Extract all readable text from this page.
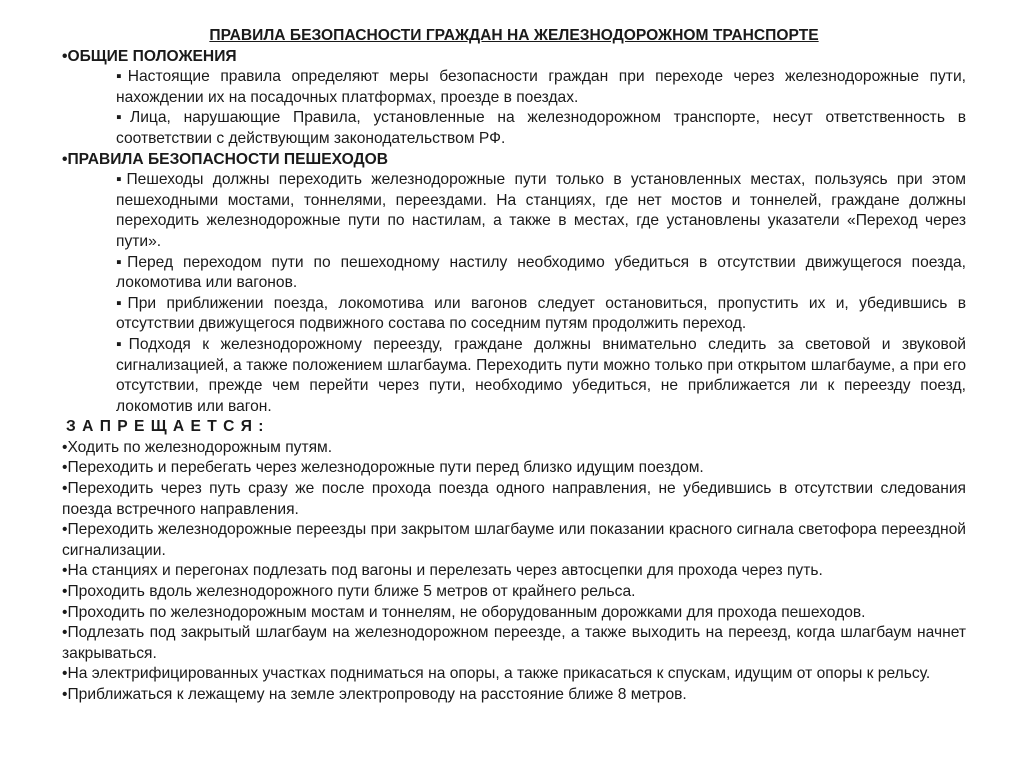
ПРАВИЛА БЕЗОПАСНОСТИ ГРАЖДАН НА ЖЕЛЕЗНОДОРОЖНОМ ТРАНСПОРТЕ
•ОБЩИЕ ПОЛОЖЕНИЯ
▪Настоящие правила определяют меры безопасности граждан при переходе через железнодорожные пути, нахождении их на посадочных платформах, проезде в поездах.
▪Лица, нарушающие Правила, установленные на железнодорожном транспорте, несут ответственность в соответствии с действующим законодательством РФ.
•ПРАВИЛА БЕЗОПАСНОСТИ ПЕШЕХОДОВ
▪Пешеходы должны переходить железнодорожные пути только в установленных местах, пользуясь при этом пешеходными мостами, тоннелями, переездами. На станциях, где нет мостов и тоннелей, граждане должны переходить железнодорожные пути по настилам, а также в местах, где установлены указатели «Переход через пути».
▪Перед переходом пути по пешеходному настилу необходимо убедиться в отсутствии движущегося поезда, локомотива или вагонов.
▪При приближении поезда, локомотива или вагонов следует остановиться, пропустить их и, убедившись в отсутствии движущегося подвижного состава по соседним путям продолжить переход.
▪Подходя к железнодорожному переезду, граждане должны внимательно следить за световой и звуковой сигнализацией, а также положением шлагбаума. Переходить пути можно только при открытом шлагбауме, а при его отсутствии, прежде чем перейти через пути, необходимо убедиться, не приближается ли к переезду поезд, локомотив или вагон.
З А П Р Е Щ А Е Т С Я :
•Ходить по железнодорожным путям.
•Переходить и перебегать через железнодорожные пути перед близко идущим поездом.
•Переходить через путь сразу же после прохода поезда одного направления, не убедившись в отсутствии следования поезда встречного направления.
•Переходить железнодорожные переезды при закрытом шлагбауме или показании красного сигнала светофора переездной сигнализации.
•На станциях и перегонах подлезать под вагоны и перелезать через автосцепки для прохода через путь.
•Проходить вдоль железнодорожного пути ближе 5 метров от крайнего рельса.
•Проходить по железнодорожным мостам и тоннелям, не оборудованным дорожками для прохода пешеходов.
•Подлезать под закрытый шлагбаум на железнодорожном переезде, а также выходить на переезд, когда шлагбаум начнет закрываться.
•На электрифицированных участках подниматься на опоры, а также прикасаться к спускам, идущим от опоры к рельсу.
•Приближаться к лежащему на земле электропроводу на расстояние ближе 8 метров.
